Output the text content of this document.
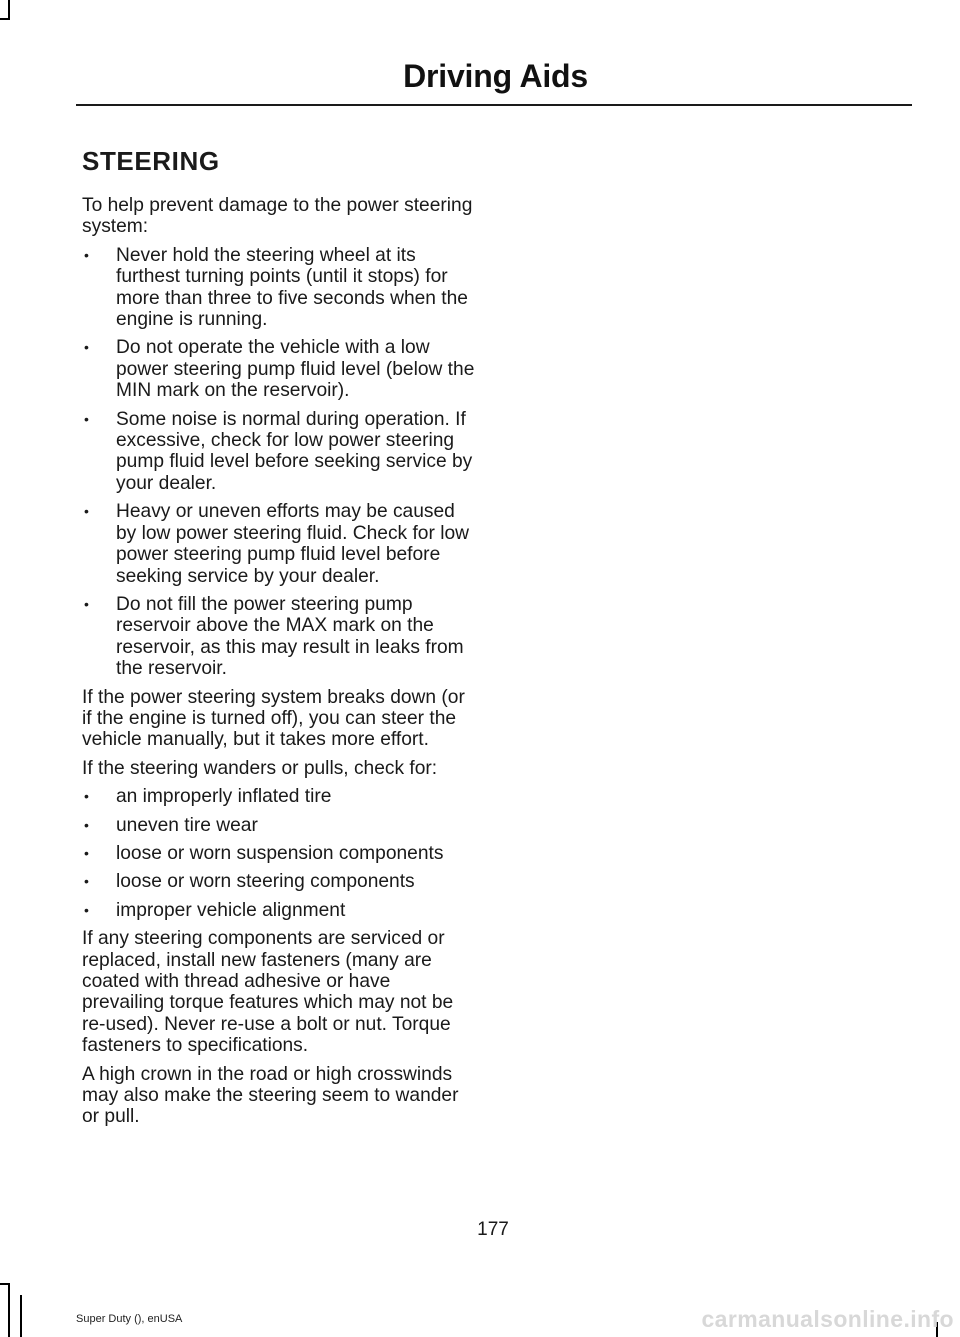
Driving Aids
STEERING

To help prevent damage to the power steering system:

• Never hold the steering wheel at its furthest turning points (until it stops) for more than three to five seconds when the engine is running.
• Do not operate the vehicle with a low power steering pump fluid level (below the MIN mark on the reservoir).
• Some noise is normal during operation. If excessive, check for low power steering pump fluid level before seeking service by your dealer.
• Heavy or uneven efforts may be caused by low power steering fluid. Check for low power steering pump fluid level before seeking service by your dealer.
• Do not fill the power steering pump reservoir above the MAX mark on the reservoir, as this may result in leaks from the reservoir.

If the power steering system breaks down (or if the engine is turned off), you can steer the vehicle manually, but it takes more effort.

If the steering wanders or pulls, check for:

• an improperly inflated tire
• uneven tire wear
• loose or worn suspension components
• loose or worn steering components
• improper vehicle alignment

If any steering components are serviced or replaced, install new fasteners (many are coated with thread adhesive or have prevailing torque features which may not be re-used). Never re-use a bolt or nut. Torque fasteners to specifications.

A high crown in the road or high crosswinds may also make the steering seem to wander or pull.

177
Super Duty (), enUSA	carmanualsonline.info
